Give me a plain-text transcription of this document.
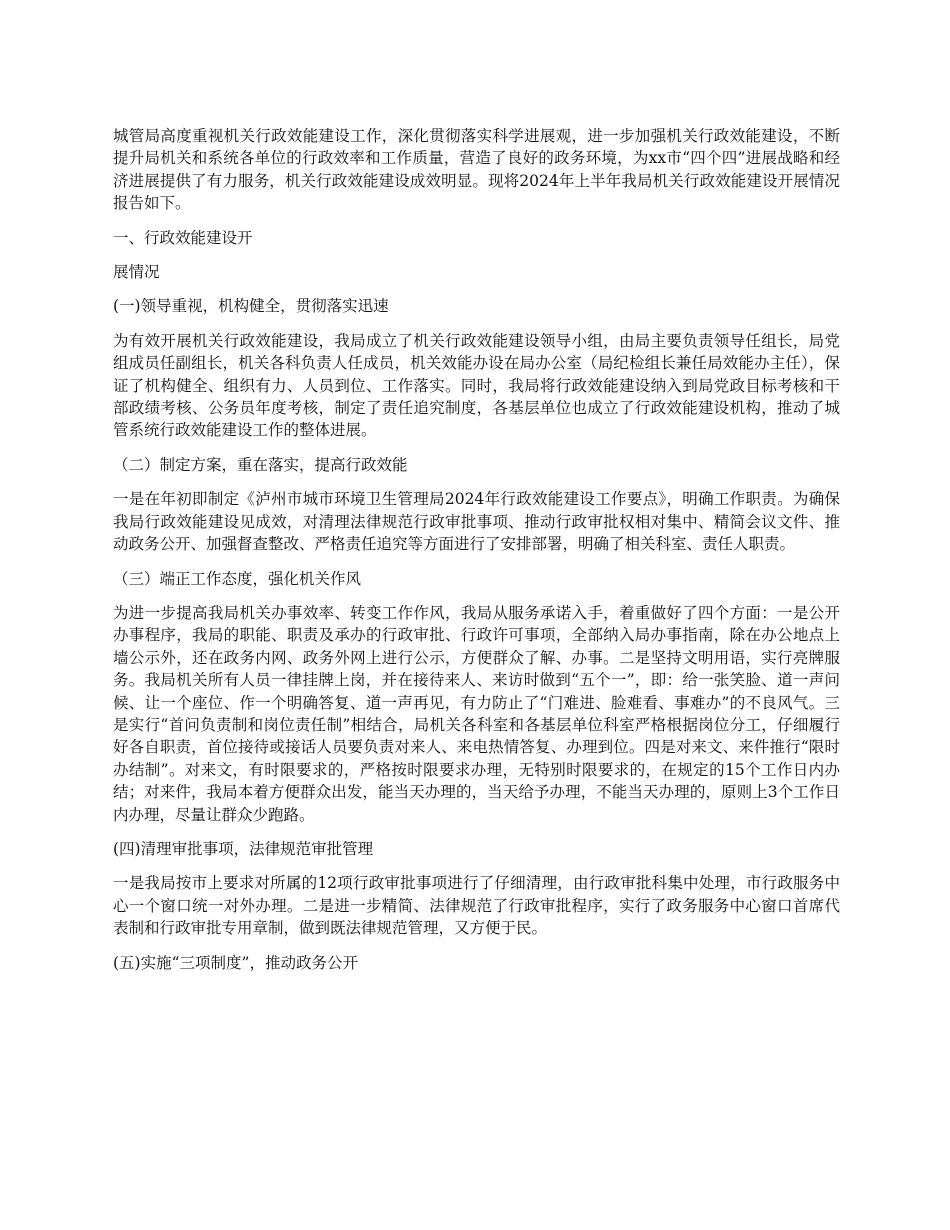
城管局高度重视机关行政效能建设工作，深化贯彻落实科学进展观，进一步加强机关行政效能建设，不断提升局机关和系统各单位的行政效率和工作质量，营造了良好的政务环境，为xx市“四个四”进展战略和经济进展提供了有力服务，机关行政效能建设成效明显。现将2024年上半年我局机关行政效能建设开展情况报告如下。

一、行政效能建设开

展情况

(一)领导重视，机构健全，贯彻落实迅速

为有效开展机关行政效能建设，我局成立了机关行政效能建设领导小组，由局主要负责领导任组长，局党组成员任副组长，机关各科负责人任成员，机关效能办设在局办公室（局纪检组长兼任局效能办主任），保证了机构健全、组织有力、人员到位、工作落实。同时，我局将行政效能建设纳入到局党政目标考核和干部政绩考核、公务员年度考核，制定了责任追究制度，各基层单位也成立了行政效能建设机构，推动了城管系统行政效能建设工作的整体进展。

（二）制定方案，重在落实，提高行政效能

一是在年初即制定《泸州市城市环境卫生管理局2024年行政效能建设工作要点》，明确工作职责。为确保我局行政效能建设见成效，对清理法律规范行政审批事项、推动行政审批权相对集中、精简会议文件、推动政务公开、加强督查整改、严格责任追究等方面进行了安排部署，明确了相关科室、责任人职责。

（三）端正工作态度，强化机关作风

为进一步提高我局机关办事效率、转变工作作风，我局从服务承诺入手，着重做好了四个方面：一是公开办事程序，我局的职能、职责及承办的行政审批、行政许可事项，全部纳入局办事指南，除在办公地点上墙公示外，还在政务内网、政务外网上进行公示，方便群众了解、办事。二是坚持文明用语，实行亮牌服务。我局机关所有人员一律挂牌上岗，并在接待来人、来访时做到“五个一”，即：给一张笑脸、道一声问候、让一个座位、作一个明确答复、道一声再见，有力防止了“门难进、脸难看、事难办”的不良风气。三是实行“首问负责制和岗位责任制”相结合，局机关各科室和各基层单位科室严格根据岗位分工，仔细履行好各自职责，首位接待或接话人员要负责对来人、来电热情答复、办理到位。四是对来文、来件推行“限时办结制”。对来文，有时限要求的，严格按时限要求办理，无特别时限要求的，在规定的15个工作日内办结；对来件，我局本着方便群众出发，能当天办理的，当天给予办理，不能当天办理的，原则上3个工作日内办理，尽量让群众少跑路。

(四)清理审批事项，法律规范审批管理

一是我局按市上要求对所属的12项行政审批事项进行了仔细清理，由行政审批科集中处理，市行政服务中心一个窗口统一对外办理。二是进一步精简、法律规范了行政审批程序，实行了政务服务中心窗口首席代表制和行政审批专用章制，做到既法律规范管理，又方便于民。

(五)实施“三项制度”，推动政务公开
